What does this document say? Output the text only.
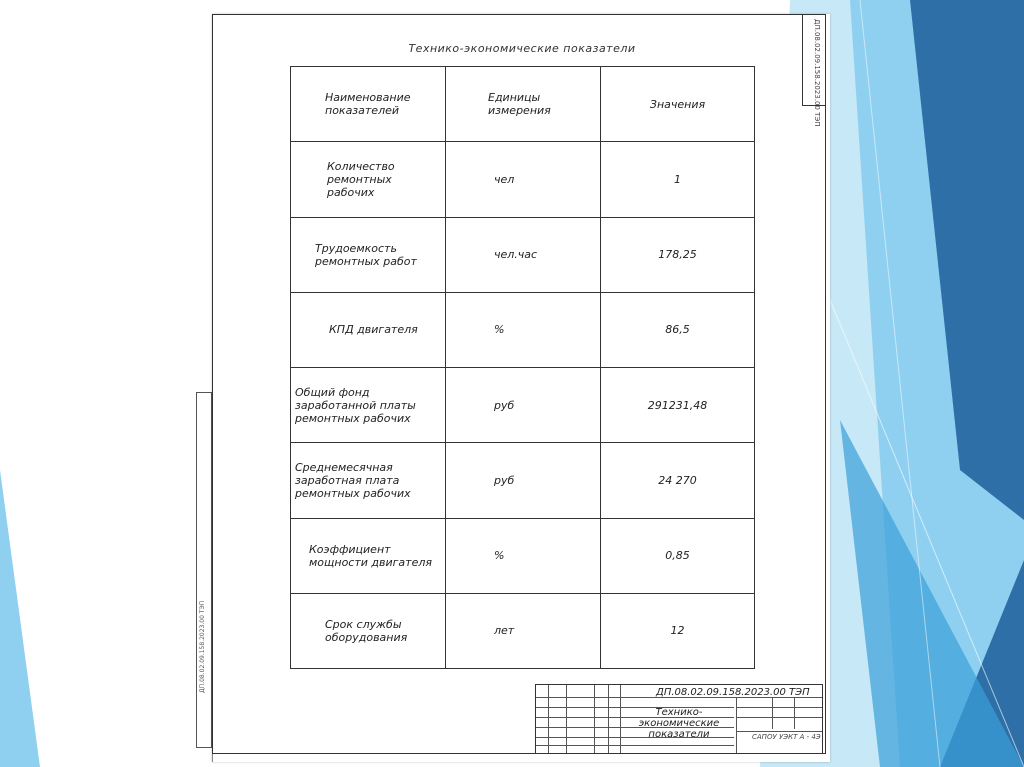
ДП.08.02.09.158.2023.00 ТЭП
ДП.08.02.09.158.2023.00 ТЭП
Технико-экономические показатели
Наименование показателей	Единицы измерения	Значения
Количество ремонтных рабочих	чел	1
Трудоемкость ремонтных работ	чел.час	178,25
КПД двигателя	%	86,5
Общий фонд заработанной платы ремонтных рабочих	руб	291231,48
Среднемесячная заработная плата ремонтных рабочих	руб	24 270
Коэффициент мощности двигателя	%	0,85
Срок службы оборудования	лет	12
ДП.08.02.09.158.2023.00 ТЭП
Технико-экономические показатели	САПОУ УЭКТ А - 4Э
